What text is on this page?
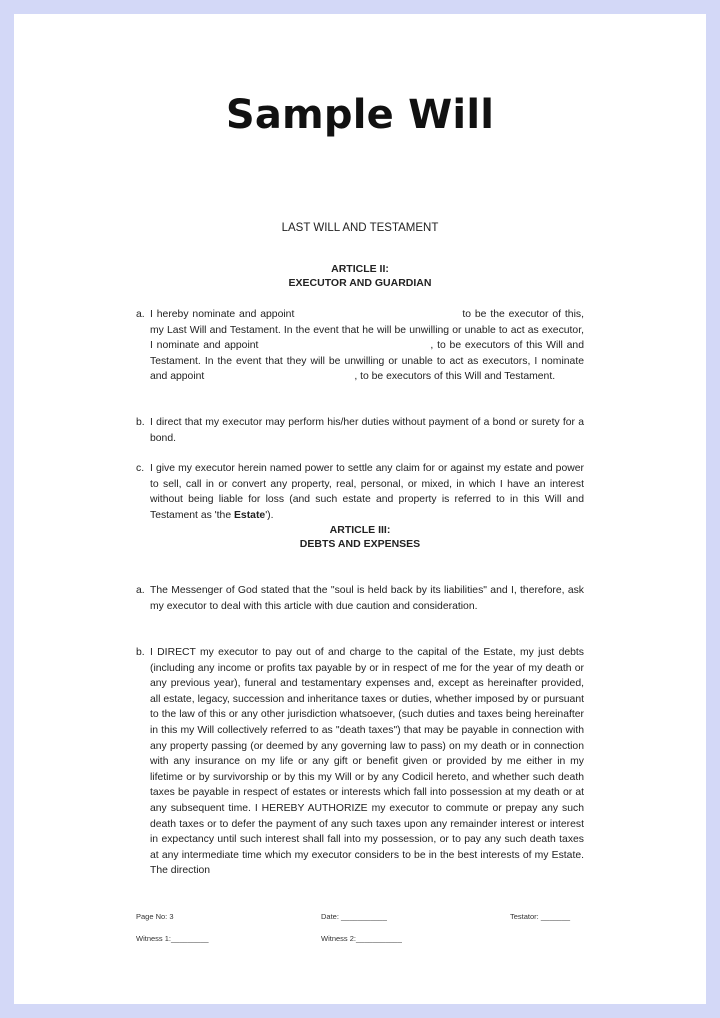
Sample Will
LAST WILL AND TESTAMENT
ARTICLE II:
EXECUTOR AND GUARDIAN
a. I hereby nominate and appoint	to be the executor of this, my Last Will and Testament. In the event that he will be unwilling or unable to act as executor, I nominate and appoint	, to be executors of this Will and Testament. In the event that they will be unwilling or unable to act as executors, I nominate and appoint	, to be executors of this Will and Testament.
b. I direct that my executor may perform his/her duties without payment of a bond or surety for a bond.
c. I give my executor herein named power to settle any claim for or against my estate and power to sell, call in or convert any property, real, personal, or mixed, in which I have an interest without being liable for loss (and such estate and property is referred to in this Will and Testament as 'the Estate').
ARTICLE III:
DEBTS AND EXPENSES
a. The Messenger of God stated that the "soul is held back by its liabilities" and I, therefore, ask my executor to deal with this article with due caution and consideration.
b. I DIRECT my executor to pay out of and charge to the capital of the Estate, my just debts (including any income or profits tax payable by or in respect of me for the year of my death or any previous year), funeral and testamentary expenses and, except as hereinafter provided, all estate, legacy, succession and inheritance taxes or duties, whether imposed by or pursuant to the law of this or any other jurisdiction whatsoever, (such duties and taxes being hereinafter in this my Will collectively referred to as "death taxes") that may be payable in connection with any property passing (or deemed by any governing law to pass) on my death or in connection with any insurance on my life or any gift or benefit given or provided by me either in my lifetime or by survivorship or by this my Will or by any Codicil hereto, and whether such death taxes be payable in respect of estates or interests which fall into possession at my death or at any subsequent time. I HEREBY AUTHORIZE my executor to commute or prepay any such death taxes or to defer the payment of any such taxes upon any remainder interest or interest in expectancy until such interest shall fall into my possession, or to pay any such death taxes at any intermediate time which my executor considers to be in the best interests of my Estate. The direction
Page No: 3	Date: ___________	Testator: _______
Witness 1:_________	Witness 2:___________
